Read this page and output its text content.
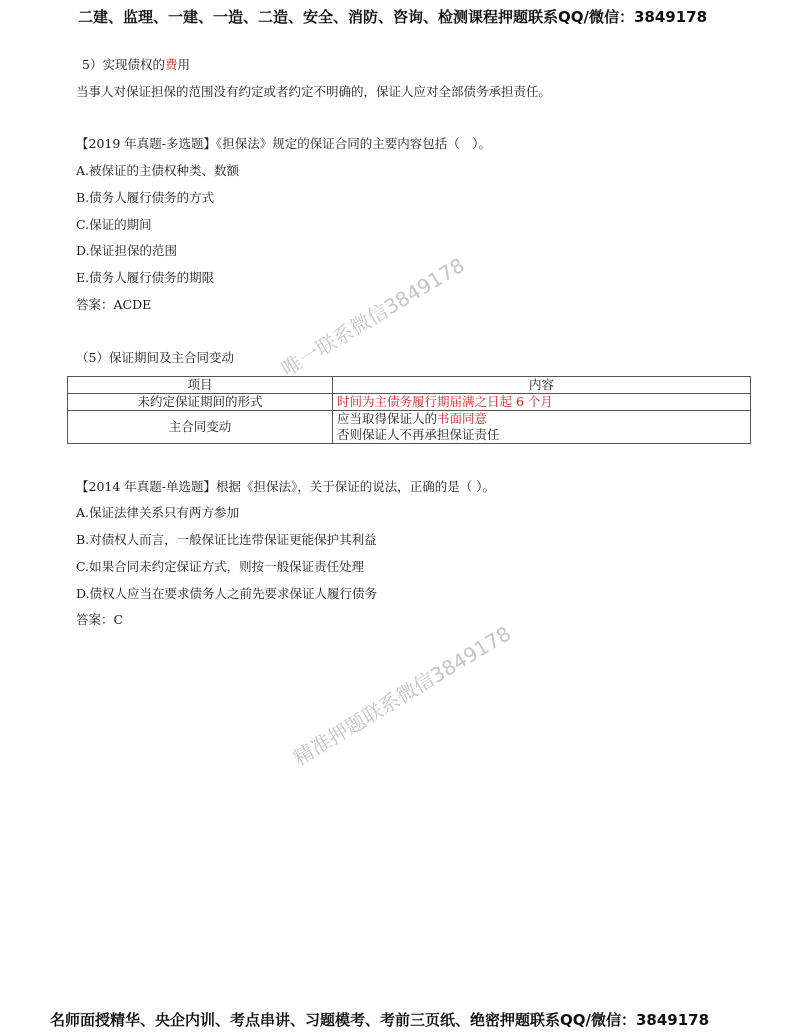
二建、监理、一建、一造、二造、安全、消防、咨询、检测课程押题联系QQ/微信：3849178
5）实现债权的费用
当事人对保证担保的范围没有约定或者约定不明确的，保证人应对全部债务承担责任。
【2019 年真题-多选题】《担保法》规定的保证合同的主要内容包括（　）。
A.被保证的主债权种类、数额
B.债务人履行债务的方式
C.保证的期间
D.保证担保的范围
E.债务人履行债务的期限
答案：ACDE
（5）保证期间及主合同变动
项目	内容
未约定保证期间的形式	时间为主债务履行期届满之日起 6 个月
主合同变动	应当取得保证人的书面同意
否则保证人不再承担保证责任
【2014 年真题-单选题】根据《担保法》，关于保证的说法，正确的是（ ）。
A.保证法律关系只有两方参加
B.对债权人而言，一般保证比连带保证更能保护其利益
C.如果合同未约定保证方式，则按一般保证责任处理
D.债权人应当在要求债务人之前先要求保证人履行债务
答案：C
唯一联系微信3849178
精准押题联系微信3849178
名师面授精华、央企内训、考点串讲、习题模考、考前三页纸、绝密押题联系QQ/微信：3849178
